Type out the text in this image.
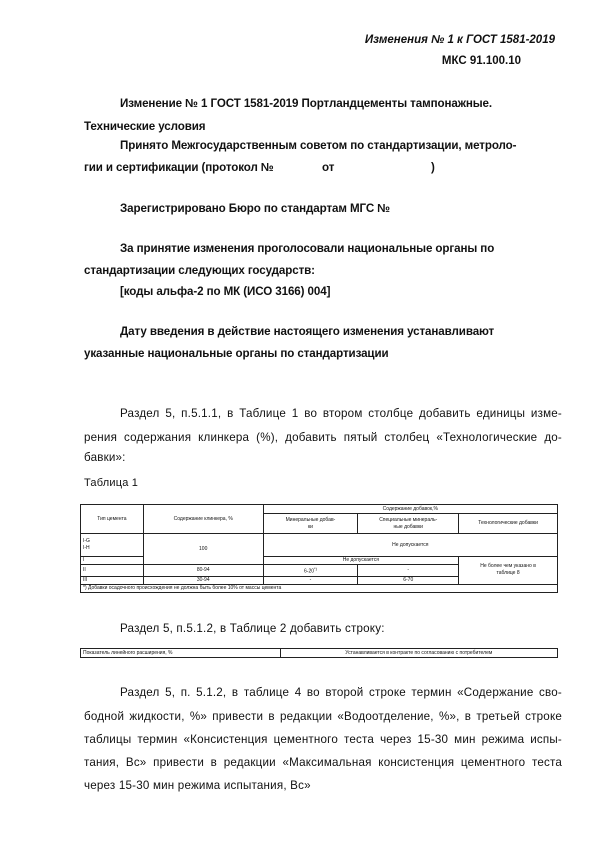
Изменения № 1 к ГОСТ 1581-2019
МКС 91.100.10
Изменение № 1 ГОСТ 1581-2019 Портландцементы тампонажные.
Технические условия
Принято Межгосударственным советом по стандартизации, метроло-
гии и сертификации (протокол №	от	)
Зарегистрировано Бюро по стандартам МГС №
За принятие изменения проголосовали национальные органы по
стандартизации следующих государств:
[коды альфа-2 по МК (ИСО 3166) 004]
Дату введения в действие настоящего изменения устанавливают
указанные национальные органы по стандартизации
Раздел 5, п.5.1.1, в Таблице 1 во втором столбце добавить единицы изме-
рения содержания клинкера (%), добавить пятый столбец «Технологические до-
бавки»:
Таблица 1
Тип цемента	Содержание клинкера, %	Содержание добавок,%		
		Минеральные добав-
ки	Специальные минераль-
ные добавки	Технологические добавки
I-G
I-H	100	Не допускается		
I		Не допускается		Не более чем указано в
таблице 8
II	80-94	6-20*)	-	
III	30-94	-	6-70	
*) Добавки осадочного происхождения не должна быть более 10% от массы цемента				
Раздел 5, п.5.1.2, в Таблице 2 добавить строку:
Показатель линейного расширения, %	Устанавливается в контракте по согласованию с потребителем
Раздел 5, п. 5.1.2, в таблице 4 во второй строке термин «Содержание сво-
бодной жидкости, %» привести в редакции «Водоотделение, %», в третьей строке
таблицы термин «Консистенция цементного теста через 15-30 мин режима испы-
тания, Вс» привести в редакции «Максимальная консистенция цементного теста
через 15-30 мин режима испытания, Вс»
